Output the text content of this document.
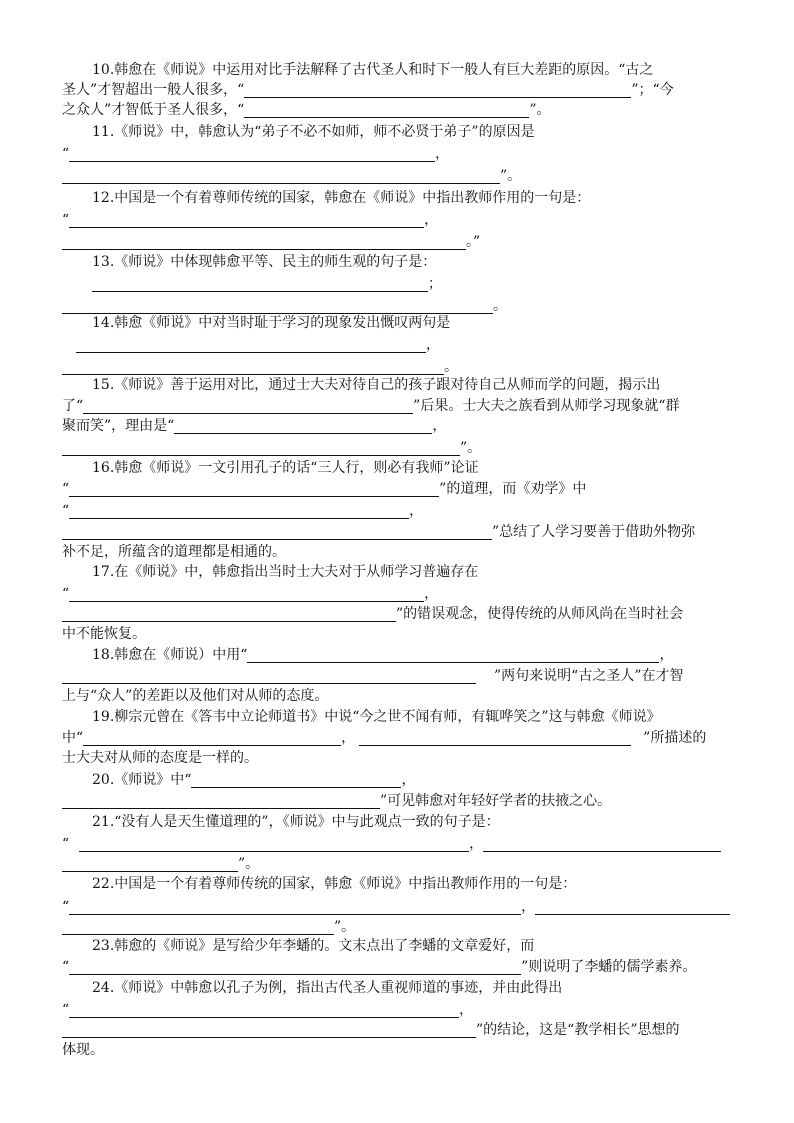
10.韩愈在《师说》中运用对比手法解释了古代圣人和时下一般人有巨大差距的原因。“古之
圣人”才智超出一般人很多，“	”；“今
之众人”才智低于圣人很多，“	”。
11.《师说》中，韩愈认为“弟子不必不如师，师不必贤于弟子”的原因是
“	，
”。
12.中国是一个有着尊师传统的国家，韩愈在《师说》中指出教师作用的一句是：
“	，
。”
13.《师说》中体现韩愈平等、民主的师生观的句子是：
；
。
14.韩愈《师说》中对当时耻于学习的现象发出慨叹两句是
，
。
15.《师说》善于运用对比，通过士大夫对待自己的孩子跟对待自己从师而学的问题，揭示出
了“	”后果。士大夫之族看到从师学习现象就“群
聚而笑”，理由是“	，
”。
16.韩愈《师说》一文引用孔子的话“三人行，则必有我师”论证
“	”的道理，而《劝学》中
“	，
”总结了人学习要善于借助外物弥
补不足，所蕴含的道理都是相通的。
17.在《师说》中，韩愈指出当时士大夫对于从师学习普遍存在
“	，
”的错误观念，使得传统的从师风尚在当时社会
中不能恢复。
18.韩愈在《师说）中用“	，
”两句来说明“古之圣人”在才智
上与“众人”的差距以及他们对从师的态度。
19.柳宗元曾在《答韦中立论师道书》中说“今之世不闻有师，有辄哗笑之”这与韩愈《师说》
中“	，	”所描述的
士大夫对从师的态度是一样的。
20.《师说》中“	，
”可见韩愈对年轻好学者的扶掖之心。
21.“没有人是天生懂道理的”，《师说》中与此观点一致的句子是：
“	，
”。
22.中国是一个有着尊师传统的国家，韩愈《师说》中指出教师作用的一句是：
“	，
”。
23.韩愈的《师说》是写给少年李蟠的。文末点出了李蟠的文章爱好，而
“	”则说明了李蟠的儒学素养。
24.《师说》中韩愈以孔子为例，指出古代圣人重视师道的事迹，并由此得出
“	，
”的结论，这是“教学相长”思想的
体现。
